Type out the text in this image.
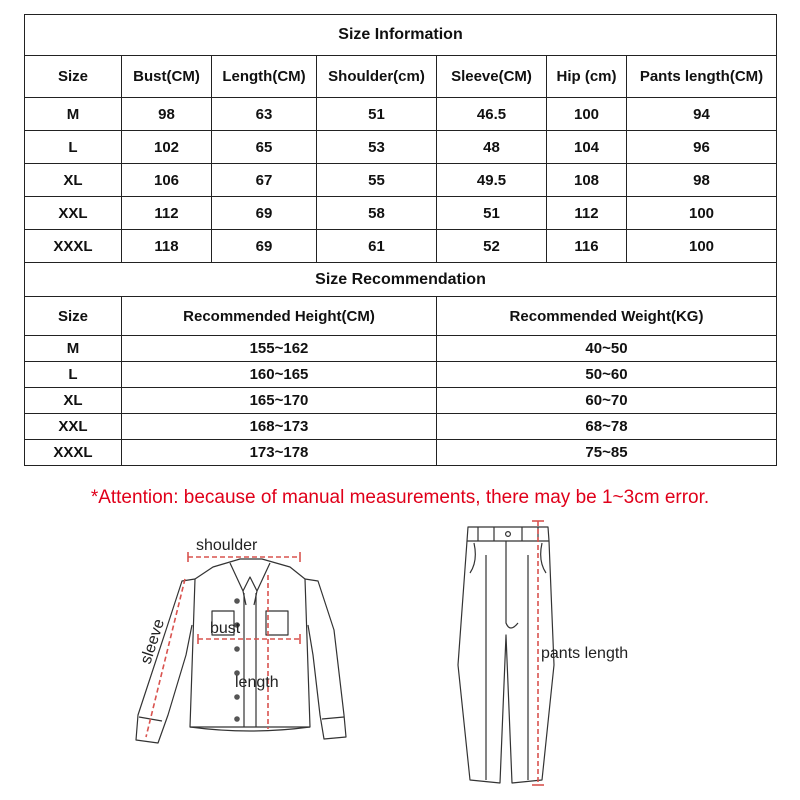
Size Information						
Size	Bust(CM)	Length(CM)	Shoulder(cm)	Sleeve(CM)	Hip (cm)	Pants length(CM)
M	98	63	51	46.5	100	94
L	102	65	53	48	104	96
XL	106	67	55	49.5	108	98
XXL	112	69	58	51	112	100
XXXL	118	69	61	52	116	100
Size Recommendation						
Size	Recommended Height(CM)			Recommended Weight(KG)		
M	155~162			40~50		
L	160~165			50~60		
XL	165~170			60~70		
XXL	168~173			68~78		
XXXL	173~178			75~85		

*Attention: because of manual measurements, there may be 1~3cm error.

shoulder
sleeve	bust
length
pants length
